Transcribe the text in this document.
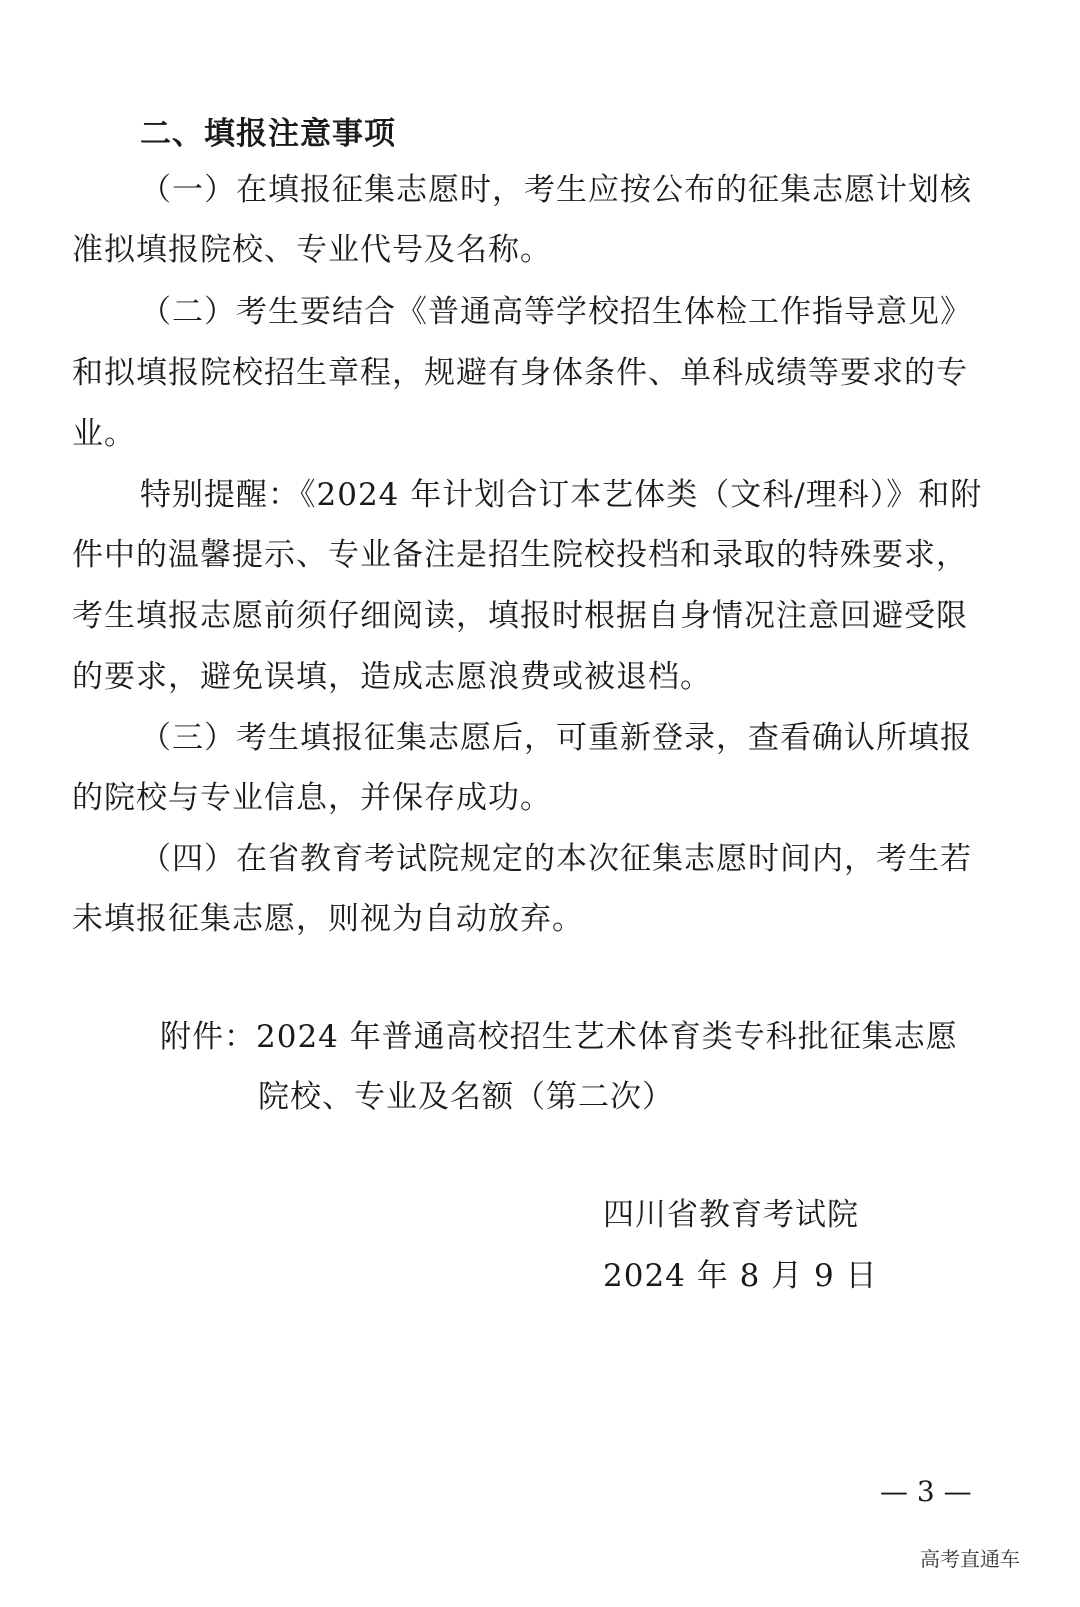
二、填报注意事项
（一）在填报征集志愿时，考生应按公布的征集志愿计划核
准拟填报院校、专业代号及名称。
（二）考生要结合《普通高等学校招生体检工作指导意见》
和拟填报院校招生章程，规避有身体条件、单科成绩等要求的专
业。
特别提醒：《2024 年计划合订本艺体类（文科/理科）》和附
件中的温馨提示、专业备注是招生院校投档和录取的特殊要求，
考生填报志愿前须仔细阅读，填报时根据自身情况注意回避受限
的要求，避免误填，造成志愿浪费或被退档。
（三）考生填报征集志愿后，可重新登录，查看确认所填报
的院校与专业信息，并保存成功。
（四）在省教育考试院规定的本次征集志愿时间内，考生若
未填报征集志愿，则视为自动放弃。
附件：2024 年普通高校招生艺术体育类专科批征集志愿
院校、专业及名额（第二次）
四川省教育考试院
2024 年 8 月 9 日
— 3 —
高考直通车
